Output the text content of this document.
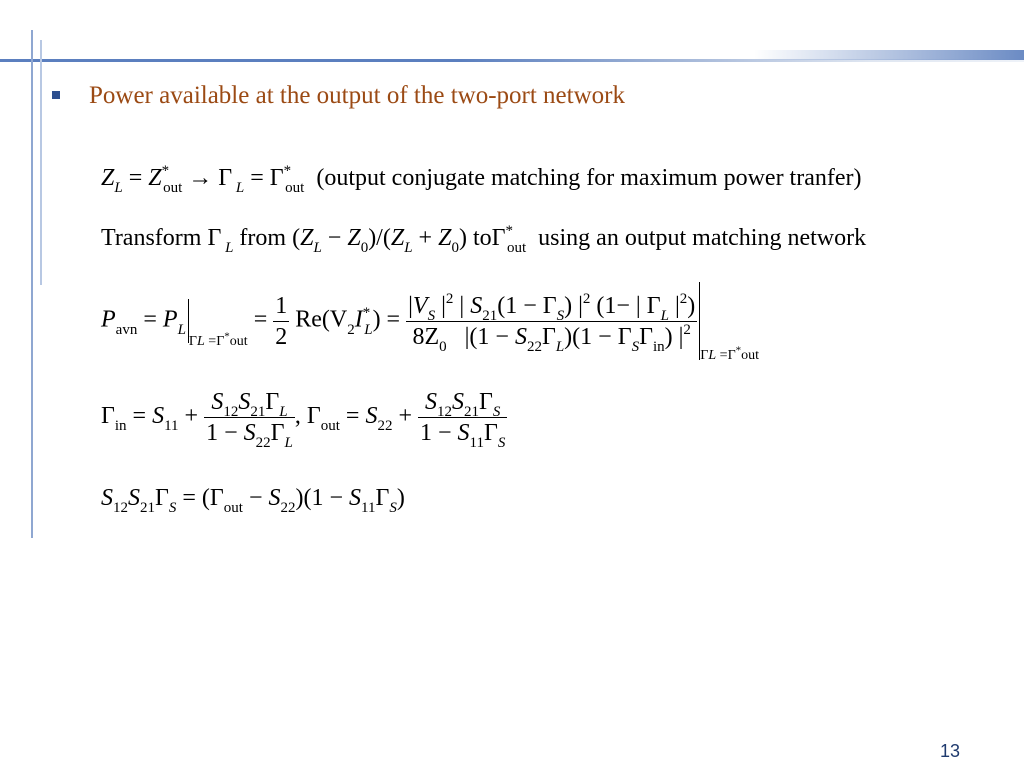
Power available at the output of the two-port network
$Z_L = Z^*_{out} \to \Gamma$ $_L = \Gamma^*_{out}$ (output conjugate matching for maximum power tranfer)
Transform Γ $_L$ from $(Z_L - Z_0)/(Z_L + Z_0)$ toΓ*$_{out}$ using an output matching network
$P_{avn} = P_{L\Gamma L =\Gamma^*out} = \frac{1}{2} Re(V_2I^*_L) = \frac{|V_S |^2 | S_{21}(1 - \Gamma_S) |^2 (1- | \Gamma_L |^2)}{8Z_0 |(1 - S_{22}\Gamma_L)(1 - \Gamma_S\Gamma_{in}) |^2}$
$_{\Gamma L =\Gamma^*out}$
$\Gamma_{in} = S_{11} + \frac{S_{12}S_{21}\Gamma_L}{1 - S_{22}\Gamma_L}$ , $\Gamma_{out} = S_{22} + \frac{S_{12}S_{21}\Gamma_S}{1 - S_{11}\Gamma_S}$
$S_{12}S_{21}\Gamma_S = (\Gamma_{out} - S_{22})(1 - S_{11}\Gamma_S)$
13
